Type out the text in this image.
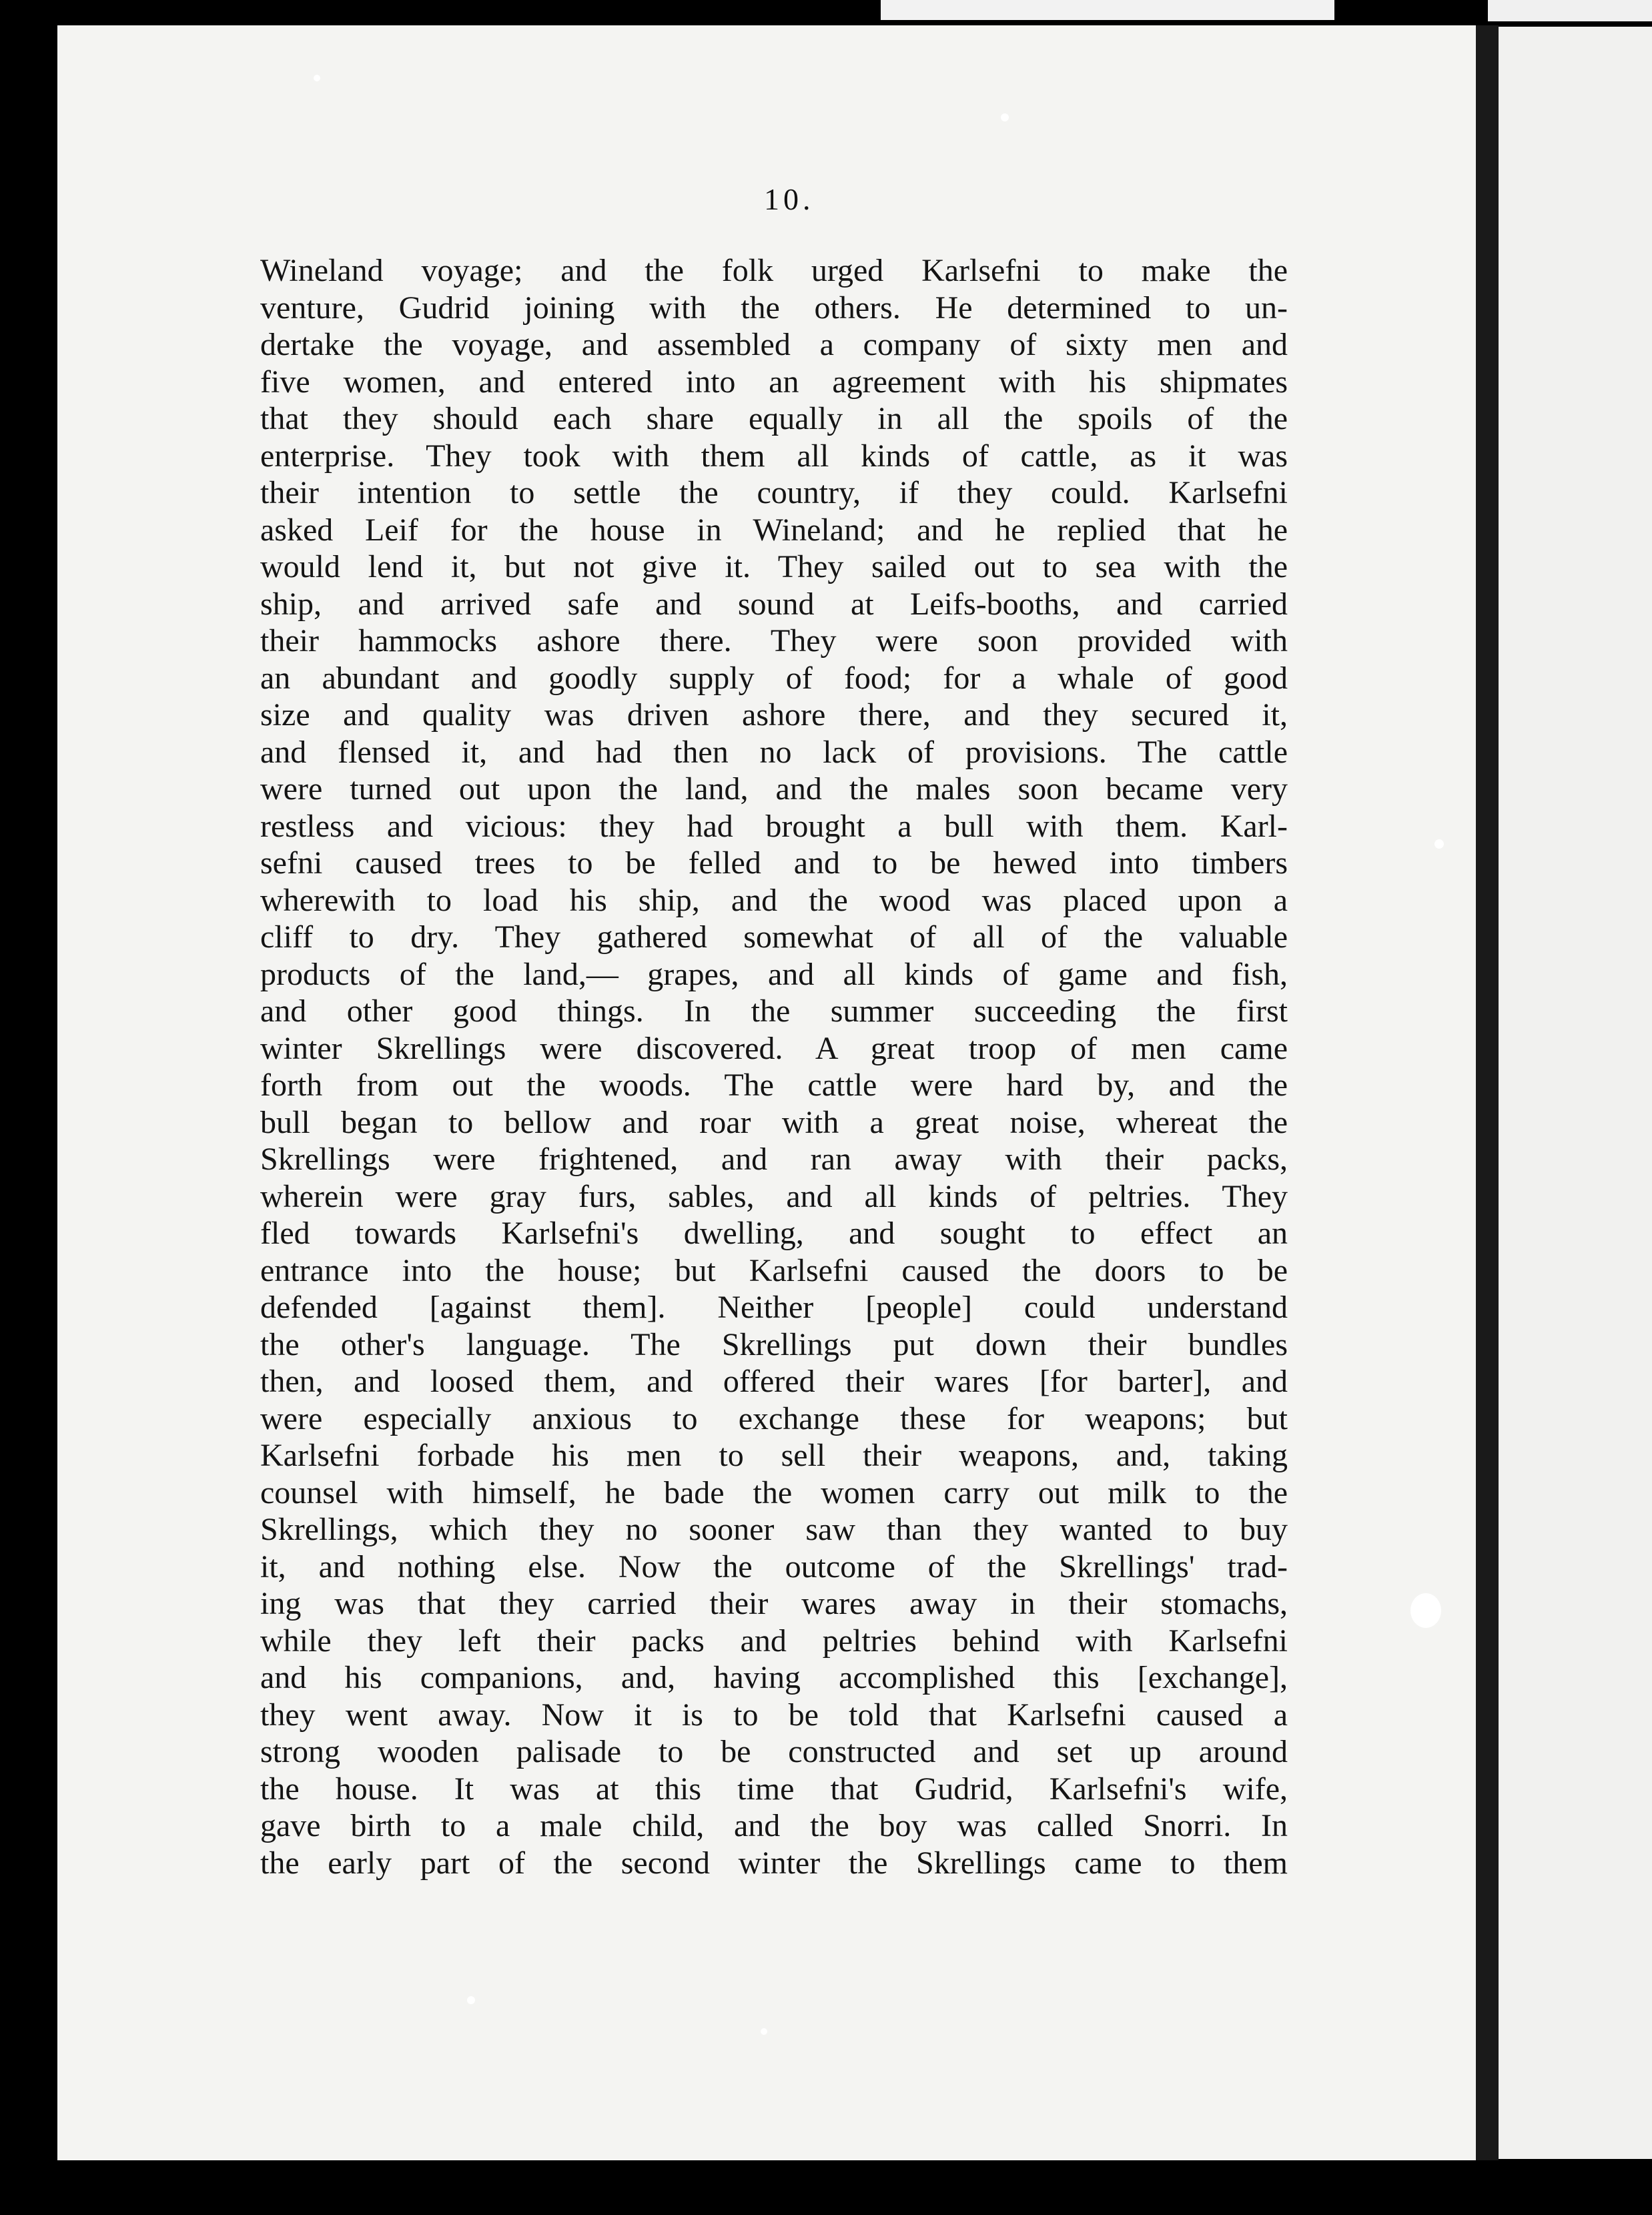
10.
Wineland voyage; and the folk urged Karlsefni to make the
venture, Gudrid joining with the others. He determined to un-
dertake the voyage, and assembled a company of sixty men and
five women, and entered into an agreement with his shipmates
that they should each share equally in all the spoils of the
enterprise. They took with them all kinds of cattle, as it was
their intention to settle the country, if they could. Karlsefni
asked Leif for the house in Wineland; and he replied that he
would lend it, but not give it. They sailed out to sea with the
ship, and arrived safe and sound at Leifs-booths, and carried
their hammocks ashore there. They were soon provided with
an abundant and goodly supply of food; for a whale of good
size and quality was driven ashore there, and they secured it,
and flensed it, and had then no lack of provisions. The cattle
were turned out upon the land, and the males soon became very
restless and vicious: they had brought a bull with them. Karl-
sefni caused trees to be felled and to be hewed into timbers
wherewith to load his ship, and the wood was placed upon a
cliff to dry. They gathered somewhat of all of the valuable
products of the land,— grapes, and all kinds of game and fish,
and other good things. In the summer succeeding the first
winter Skrellings were discovered. A great troop of men came
forth from out the woods. The cattle were hard by, and the
bull began to bellow and roar with a great noise, whereat the
Skrellings were frightened, and ran away with their packs,
wherein were gray furs, sables, and all kinds of peltries. They
fled towards Karlsefni's dwelling, and sought to effect an
entrance into the house; but Karlsefni caused the doors to be
defended [against them]. Neither [people] could understand
the other's language. The Skrellings put down their bundles
then, and loosed them, and offered their wares [for barter], and
were especially anxious to exchange these for weapons; but
Karlsefni forbade his men to sell their weapons, and, taking
counsel with himself, he bade the women carry out milk to the
Skrellings, which they no sooner saw than they wanted to buy
it, and nothing else. Now the outcome of the Skrellings' trad-
ing was that they carried their wares away in their stomachs,
while they left their packs and peltries behind with Karlsefni
and his companions, and, having accomplished this [exchange],
they went away. Now it is to be told that Karlsefni caused a
strong wooden palisade to be constructed and set up around
the house. It was at this time that Gudrid, Karlsefni's wife,
gave birth to a male child, and the boy was called Snorri. In
the early part of the second winter the Skrellings came to them
